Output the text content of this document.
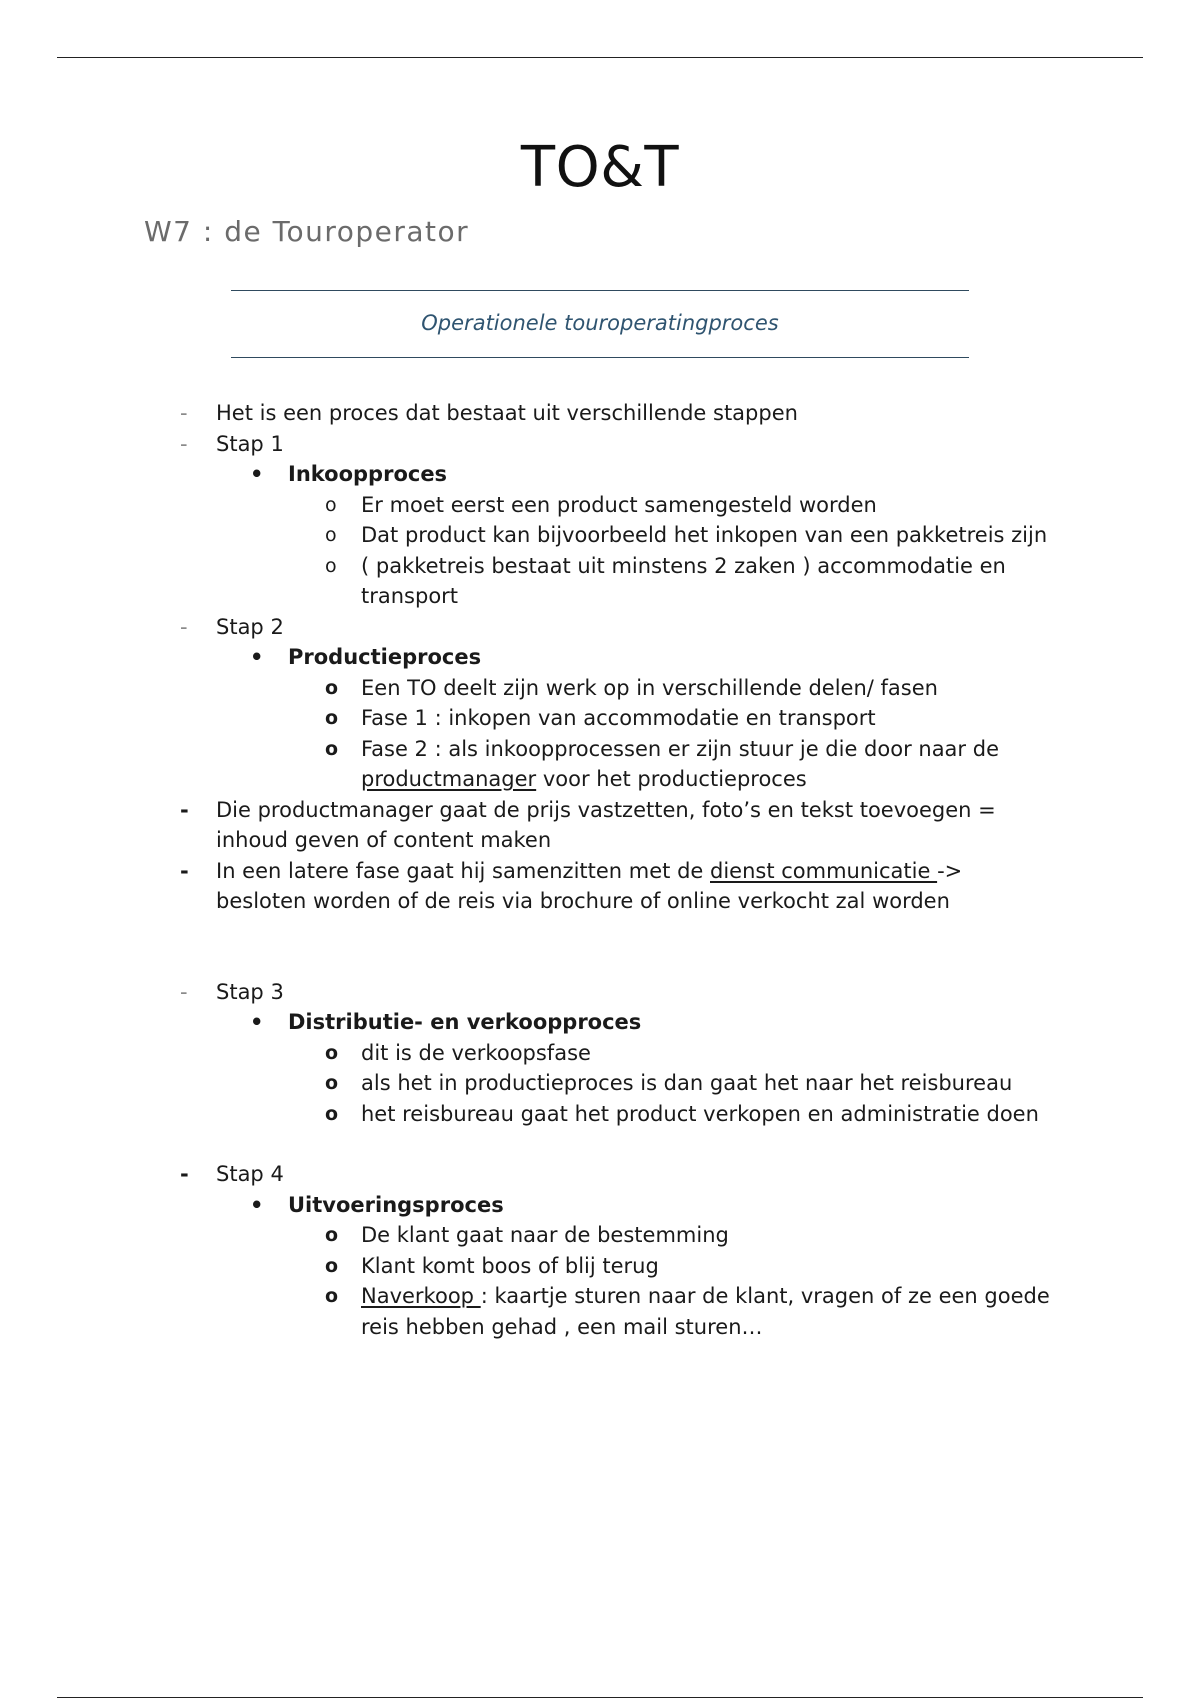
TO&T
W7 : de Touroperator
Operationele touroperatingproces
- Het is een proces dat bestaat uit verschillende stappen
- Stap 1
• Inkoopproces
o Er moet eerst een product samengesteld worden
o Dat product kan bijvoorbeeld het inkopen van een pakketreis zijn
o ( pakketreis bestaat uit minstens 2 zaken ) accommodatie en transport
- Stap 2
• Productieproces
o Een TO deelt zijn werk op in verschillende delen/ fasen
o Fase 1 : inkopen van accommodatie en transport
o Fase 2 : als inkoopprocessen er zijn stuur je die door naar de productmanager voor het productieproces
- Die productmanager gaat de prijs vastzetten, foto’s en tekst toevoegen = inhoud geven of content maken
- In een latere fase gaat hij samenzitten met de dienst communicatie -> besloten worden of de reis via brochure of online verkocht zal worden
- Stap 3
• Distributie- en verkoopproces
o dit is de verkoopsfase
o als het in productieproces is dan gaat het naar het reisbureau
o het reisbureau gaat het product verkopen en administratie doen
- Stap 4
• Uitvoeringsproces
o De klant gaat naar de bestemming
o Klant komt boos of blij terug
o Naverkoop : kaartje sturen naar de klant, vragen of ze een goede reis hebben gehad , een mail sturen…
